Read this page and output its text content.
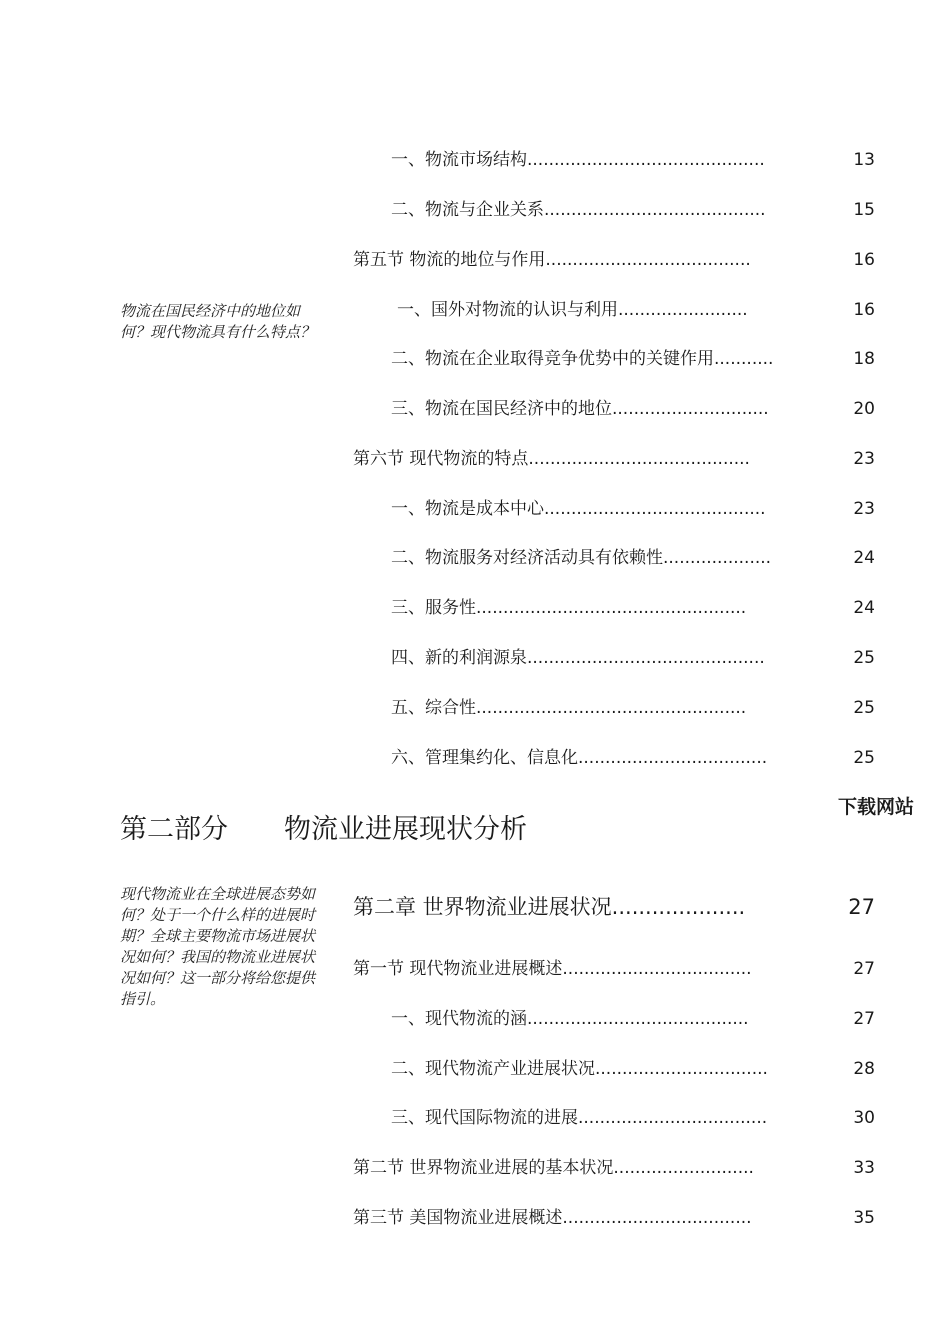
一、物流市场结构............................................	13
二、物流与企业关系.........................................	15
第五节 物流的地位与作用......................................	16
一、国外对物流的认识与利用........................	16
二、物流在企业取得竞争优势中的关键作用...........	18
三、物流在国民经济中的地位.............................	20
第六节 现代物流的特点.........................................	23
一、物流是成本中心.........................................	23
二、物流服务对经济活动具有依赖性....................	24
三、服务性..................................................	24
四、新的利润源泉............................................	25
五、综合性..................................................	25
六、管理集约化、信息化...................................	25
物流在国民经济中的地位如何？现代物流具有什么特点？
下载网站
第二部分 物流业进展现状分析
现代物流业在全球进展态势如何？处于一个什么样的进展时期？全球主要物流市场进展状况如何？我国的物流业进展状况如何？这一部分将给您提供指引。
第二章 世界物流业进展状况....................	27
第一节 现代物流业进展概述...................................	27
一、现代物流的涵.........................................	27
二、现代物流产业进展状况................................	28
三、现代国际物流的进展...................................	30
第二节 世界物流业进展的基本状况..........................	33
第三节 美国物流业进展概述...................................	35
